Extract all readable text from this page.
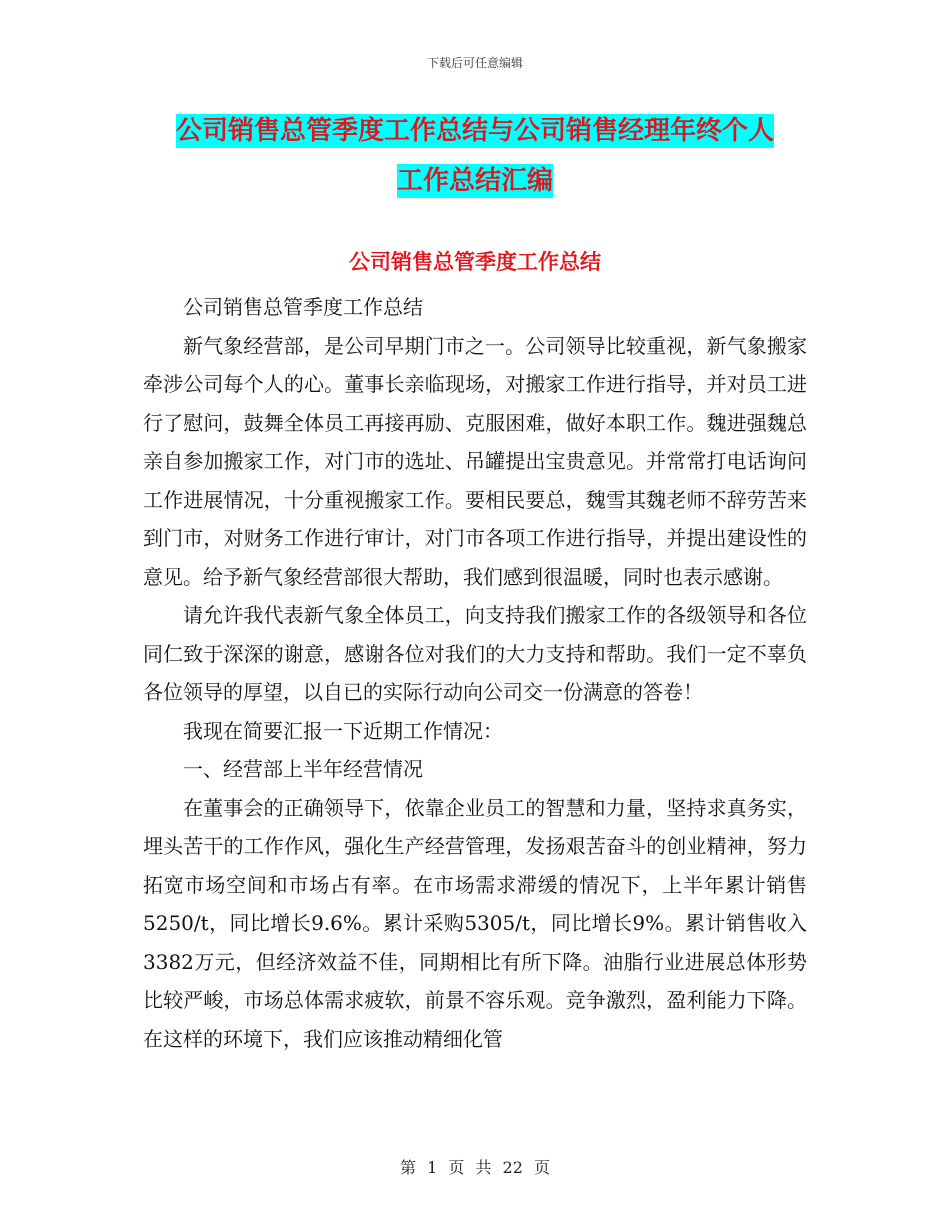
下载后可任意编辑
公司销售总管季度工作总结与公司销售经理年终个人
工作总结汇编
公司销售总管季度工作总结

公司销售总管季度工作总结

新气象经营部，是公司早期门市之一。公司领导比较重视，新气象搬家牵涉公司每个人的心。董事长亲临现场，对搬家工作进行指导，并对员工进行了慰问，鼓舞全体员工再接再励、克服困难，做好本职工作。魏进强魏总亲自参加搬家工作，对门市的选址、吊罐提出宝贵意见。并常常打电话询问工作进展情况，十分重视搬家工作。要相民要总，魏雪其魏老师不辞劳苦来到门市，对财务工作进行审计，对门市各项工作进行指导，并提出建设性的意见。给予新气象经营部很大帮助，我们感到很温暖，同时也表示感谢。

请允许我代表新气象全体员工，向支持我们搬家工作的各级领导和各位同仁致于深深的谢意，感谢各位对我们的大力支持和帮助。我们一定不辜负各位领导的厚望，以自已的实际行动向公司交一份满意的答卷！

我现在简要汇报一下近期工作情况：

一、经营部上半年经营情况

在董事会的正确领导下，依靠企业员工的智慧和力量，坚持求真务实，埋头苦干的工作作风，强化生产经营管理，发扬艰苦奋斗的创业精神，努力拓宽市场空间和市场占有率。在市场需求滞缓的情况下，上半年累计销售5250/t，同比增长9.6%。累计采购5305/t，同比增长9%。累计销售收入3382万元，但经济效益不佳，同期相比有所下降。油脂行业进展总体形势比较严峻，市场总体需求疲软，前景不容乐观。竞争激烈，盈利能力下降。在这样的环境下，我们应该推动精细化管

第 1 页 共 22 页
